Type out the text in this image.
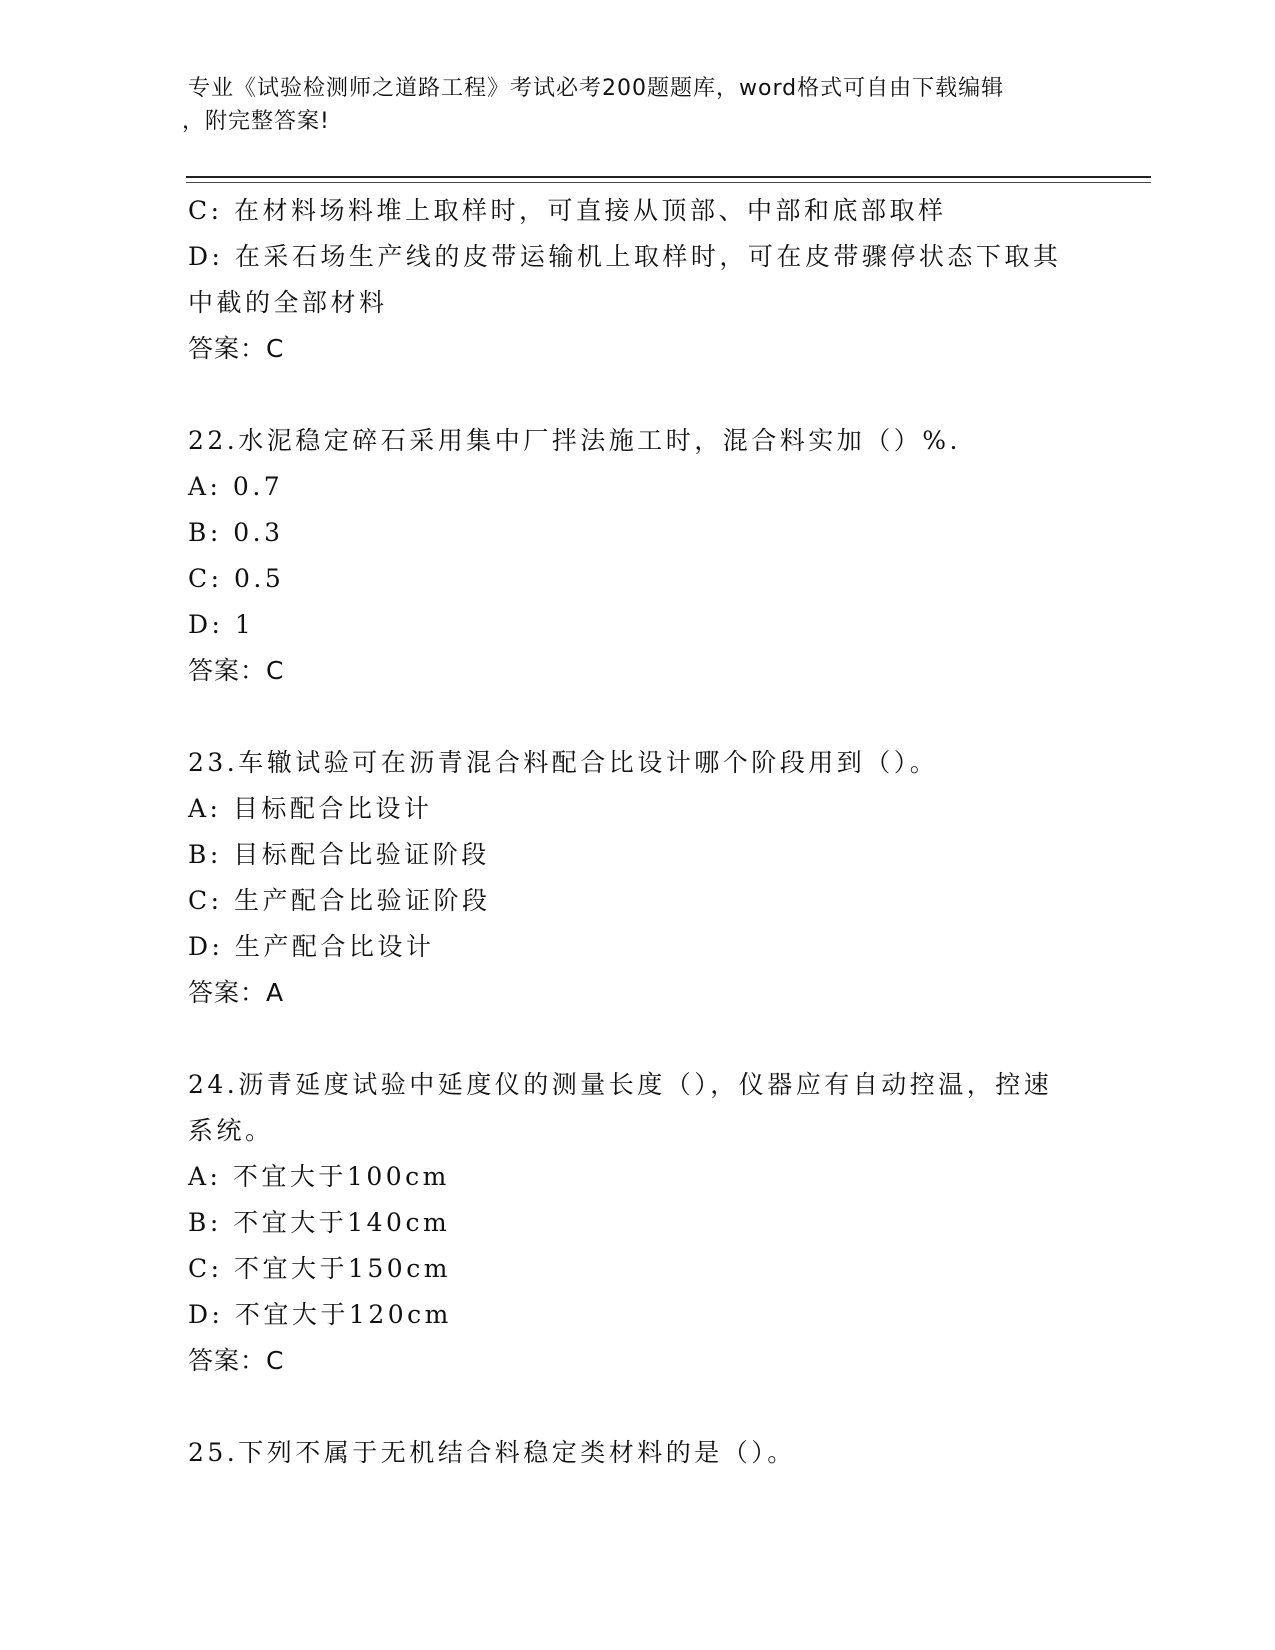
专业《试验检测师之道路工程》考试必考200题题库，word格式可自由下载编辑
，附完整答案!
C: 在材料场料堆上取样时，可直接从顶部、中部和底部取样
D: 在采石场生产线的皮带运输机上取样时，可在皮带骤停状态下取其
中截的全部材料
答案：C
22.水泥稳定碎石采用集中厂拌法施工时，混合料实加（）%.
A: 0.7
B: 0.3
C: 0.5
D: 1
答案：C
23.车辙试验可在沥青混合料配合比设计哪个阶段用到（）。
A: 目标配合比设计
B: 目标配合比验证阶段
C: 生产配合比验证阶段
D: 生产配合比设计
答案：A
24.沥青延度试验中延度仪的测量长度（），仪器应有自动控温，控速
系统。
A: 不宜大于100cm
B: 不宜大于140cm
C: 不宜大于150cm
D: 不宜大于120cm
答案：C
25.下列不属于无机结合料稳定类材料的是（）。
